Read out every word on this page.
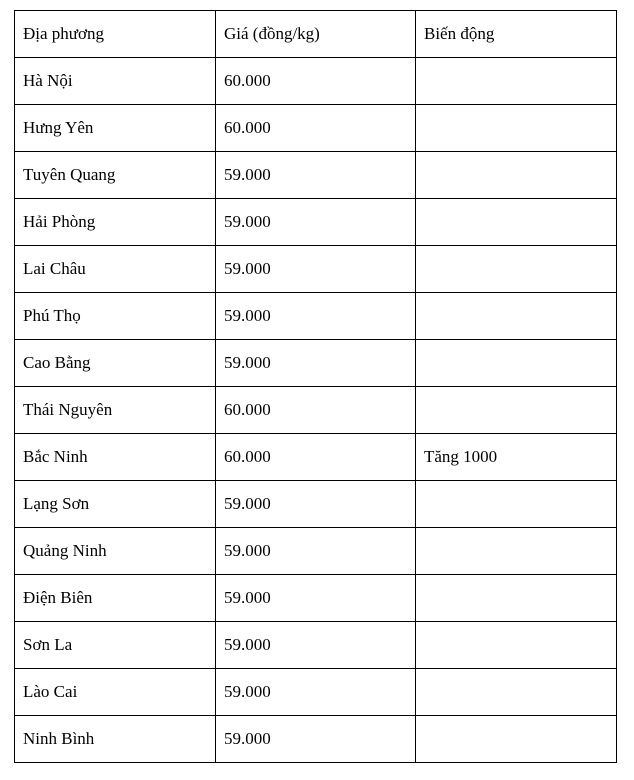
Địa phương	Giá (đồng/kg)	Biến động
Hà Nội	60.000	
Hưng Yên	60.000	
Tuyên Quang	59.000	
Hải Phòng	59.000	
Lai Châu	59.000	
Phú Thọ	59.000	
Cao Bằng	59.000	
Thái Nguyên	60.000	
Bắc Ninh	60.000	Tăng 1000
Lạng Sơn	59.000	
Quảng Ninh	59.000	
Điện Biên	59.000	
Sơn La	59.000	
Lào Cai	59.000	
Ninh Bình	59.000	
